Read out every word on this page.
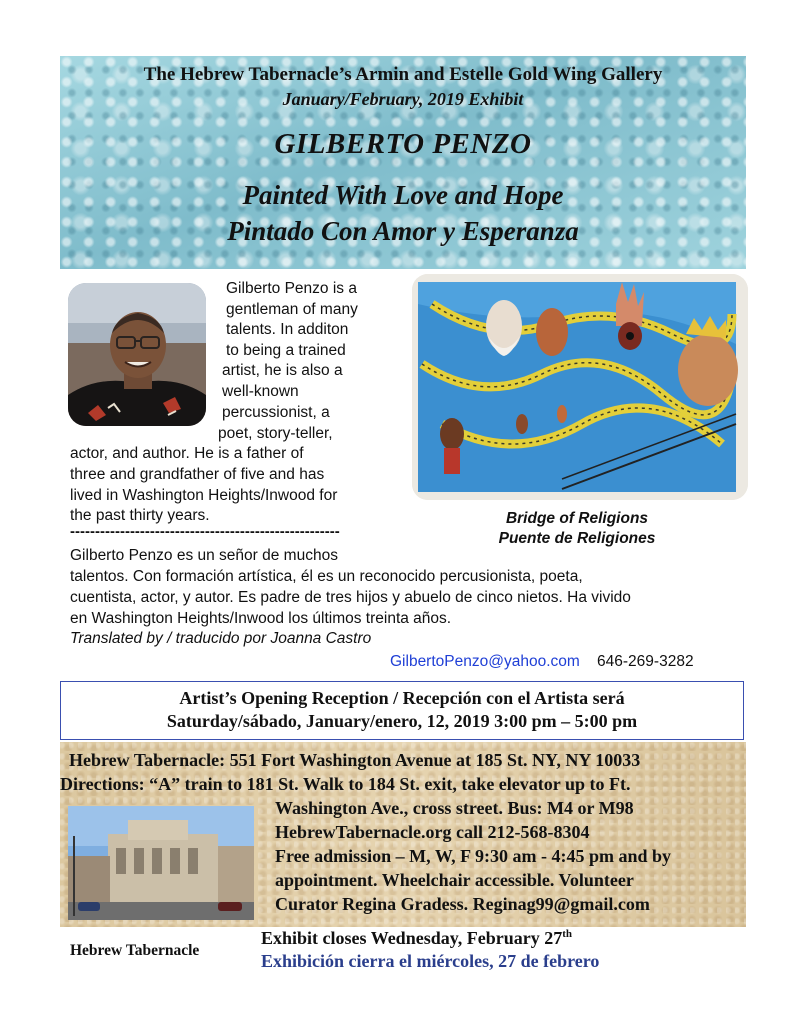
The Hebrew Tabernacle’s Armin and Estelle Gold Wing Gallery
January/February, 2019 Exhibit
GILBERTO PENZO
Painted With Love and Hope
Pintado Con Amor y Esperanza
Gilberto Penzo is a
gentleman of many
talents. In additon
to being a trained
artist, he is also a
well-known
percussionist, a
poet, story-teller,
actor, and author. He is a father of
three and grandfather of five and has
lived in Washington Heights/Inwood for
the past thirty years.
------------------------------------------------------
Gilberto Penzo es un señor de muchos
talentos. Con formación artística, él es un reconocido percusionista, poeta,
cuentista, actor, y autor. Es padre de tres hijos y abuelo de cinco nietos. Ha vivido
en Washington Heights/Inwood los últimos treinta años.
Translated by / traducido por Joanna Castro
GilbertoPenzo@yahoo.com 646-269-3282
Bridge of Religions
Puente de Religiones
Artist’s Opening Reception / Recepción con el Artista será
Saturday/sábado, January/enero, 12, 2019 3:00 pm – 5:00 pm
Hebrew Tabernacle: 551 Fort Washington Avenue at 185 St. NY, NY 10033
Directions: “A” train to 181 St. Walk to 184 St. exit, take elevator up to Ft.
Washington Ave., cross street. Bus: M4 or M98
HebrewTabernacle.org call 212-568-8304
Free admission – M, W, F 9:30 am - 4:45 pm and by
appointment. Wheelchair accessible. Volunteer
Curator Regina Gradess. Reginag99@gmail.com
Hebrew Tabernacle
Exhibit closes Wednesday, February 27th
Exhibición cierra el miércoles, 27 de febrero
